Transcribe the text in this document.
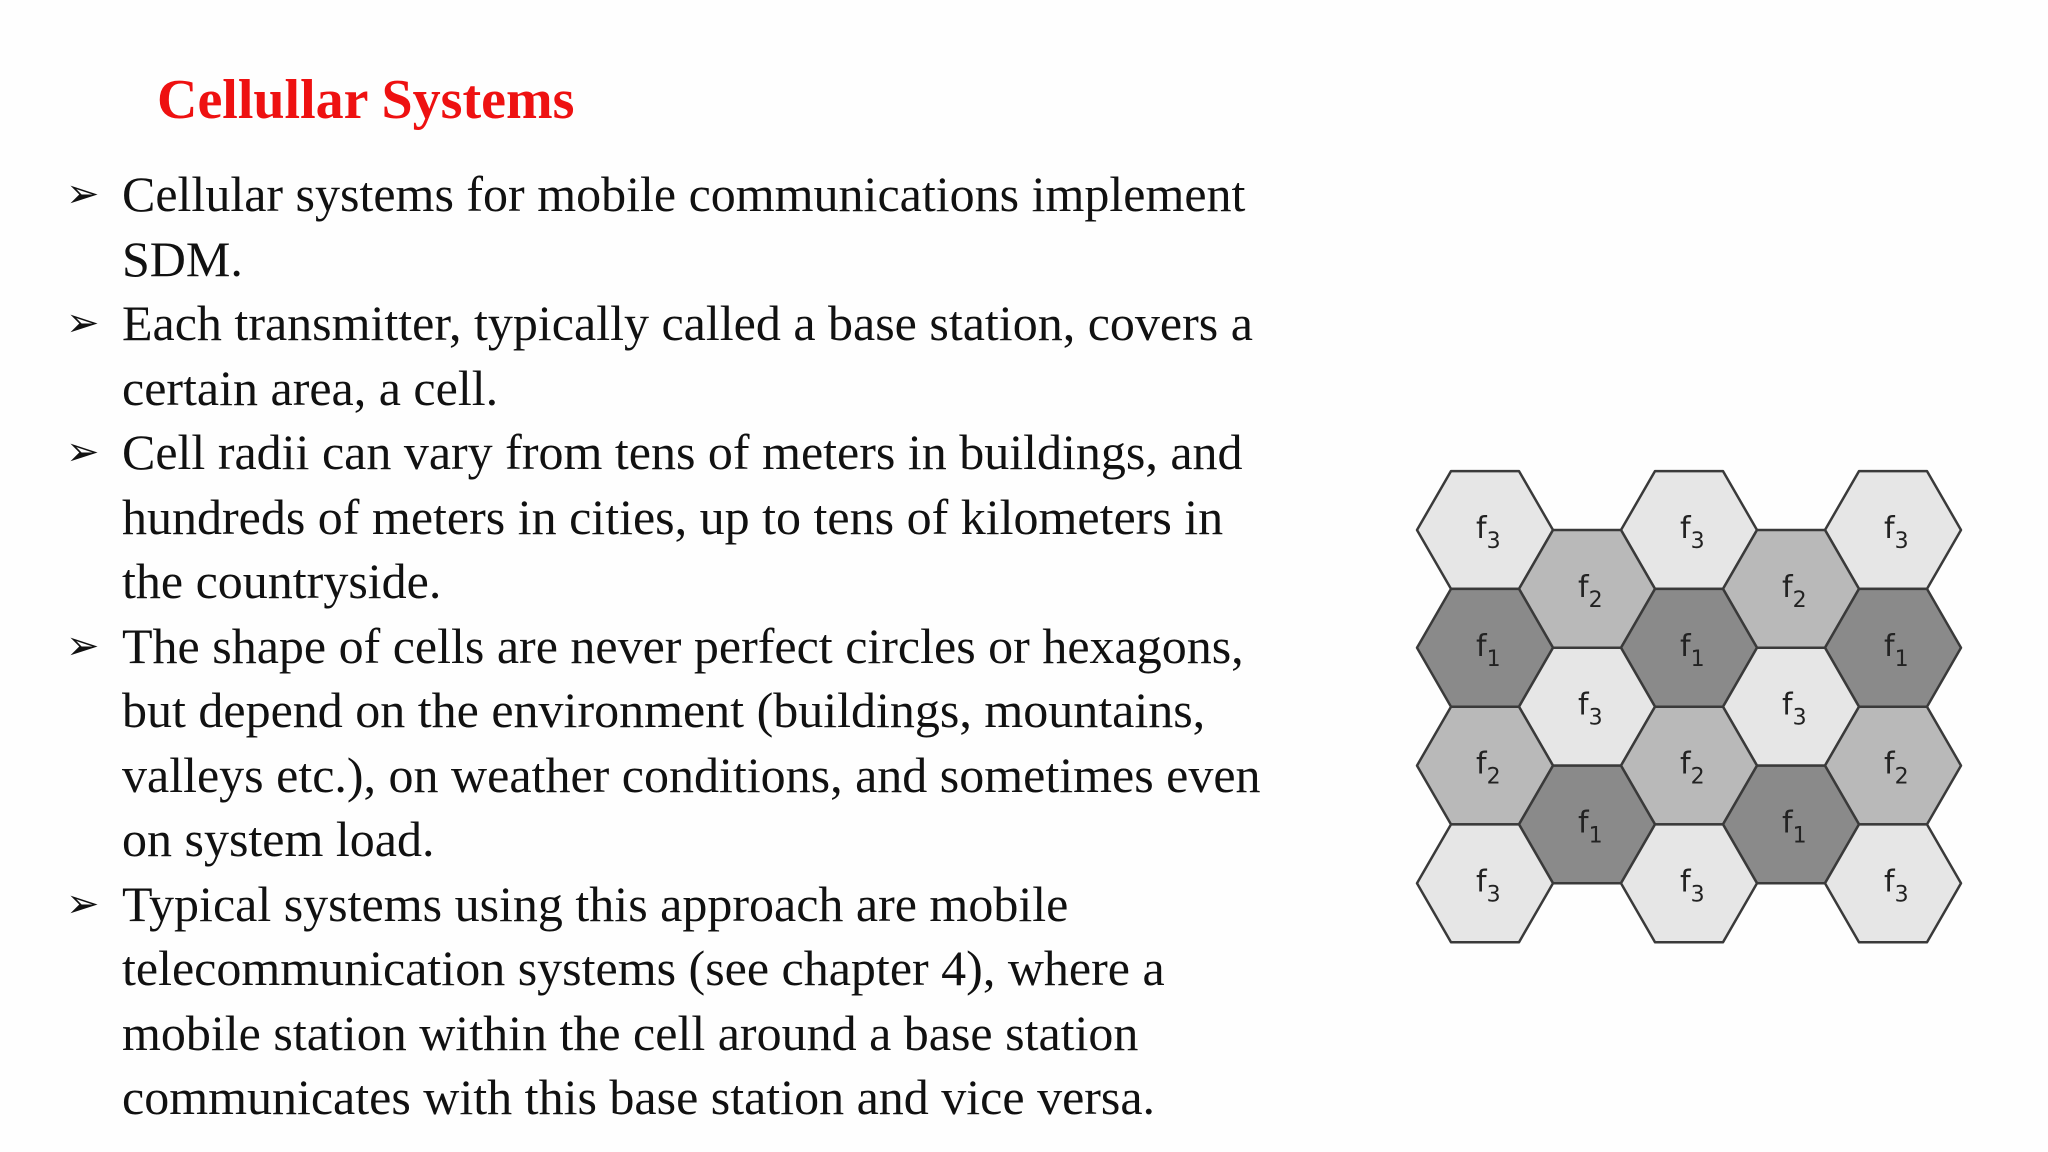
Cellullar Systems
➢ Cellular systems for mobile communications implement
SDM.
➢ Each transmitter, typically called a base station, covers a
certain area, a cell.
➢ Cell radii can vary from tens of meters in buildings, and
hundreds of meters in cities, up to tens of kilometers in
the countryside.
➢ The shape of cells are never perfect circles or hexagons,
but depend on the environment (buildings, mountains,
valleys etc.), on weather conditions, and sometimes even
on system load.
➢ Typical systems using this approach are mobile
telecommunication systems (see chapter 4), where a
mobile station within the cell around a base station
communicates with this base station and vice versa.
$f_3$	$f_3$	$f_3$
$f_2$	$f_2$
$f_1$	$f_1$	$f_1$
$f_3$	$f_3$
$f_2$	$f_2$	$f_2$
$f_1$	$f_1$
$f_3$	$f_3$	$f_3$
